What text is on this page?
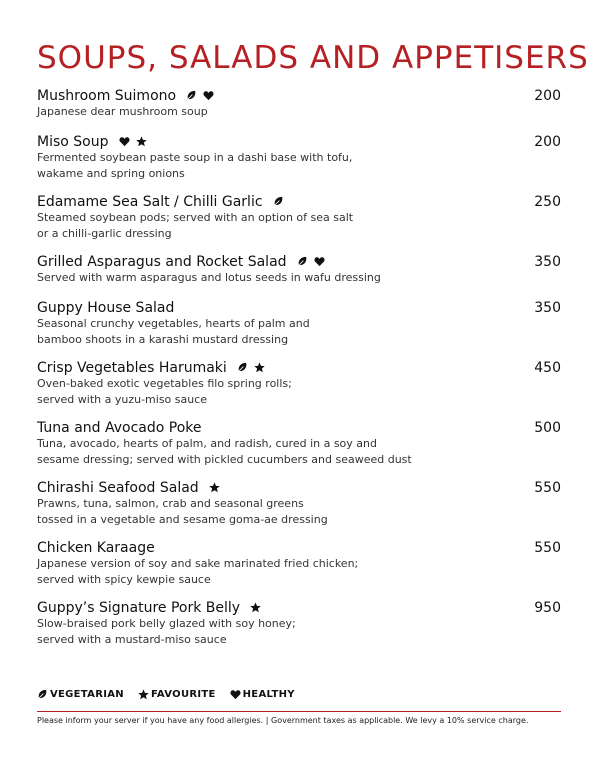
SOUPS, SALADS AND APPETISERS
Mushroom Suimono	200
Japanese dear mushroom soup
Miso Soup	200
Fermented soybean paste soup in a dashi base with tofu,
wakame and spring onions
Edamame Sea Salt / Chilli Garlic	250
Steamed soybean pods; served with an option of sea salt
or a chilli-garlic dressing
Grilled Asparagus and Rocket Salad	350
Served with warm asparagus and lotus seeds in wafu dressing
Guppy House Salad	350
Seasonal crunchy vegetables, hearts of palm and
bamboo shoots in a karashi mustard dressing
Crisp Vegetables Harumaki	450
Oven-baked exotic vegetables filo spring rolls;
served with a yuzu-miso sauce
Tuna and Avocado Poke	500
Tuna, avocado, hearts of palm, and radish, cured in a soy and
sesame dressing; served with pickled cucumbers and seaweed dust
Chirashi Seafood Salad	550
Prawns, tuna, salmon, crab and seasonal greens
tossed in a vegetable and sesame goma-ae dressing
Chicken Karaage	550
Japanese version of soy and sake marinated fried chicken;
served with spicy kewpie sauce
Guppy’s Signature Pork Belly	950
Slow-braised pork belly glazed with soy honey;
served with a mustard-miso sauce
VEGETARIAN	FAVOURITE	HEALTHY
Please inform your server if you have any food allergies. | Government taxes as applicable. We levy a 10% service charge.
